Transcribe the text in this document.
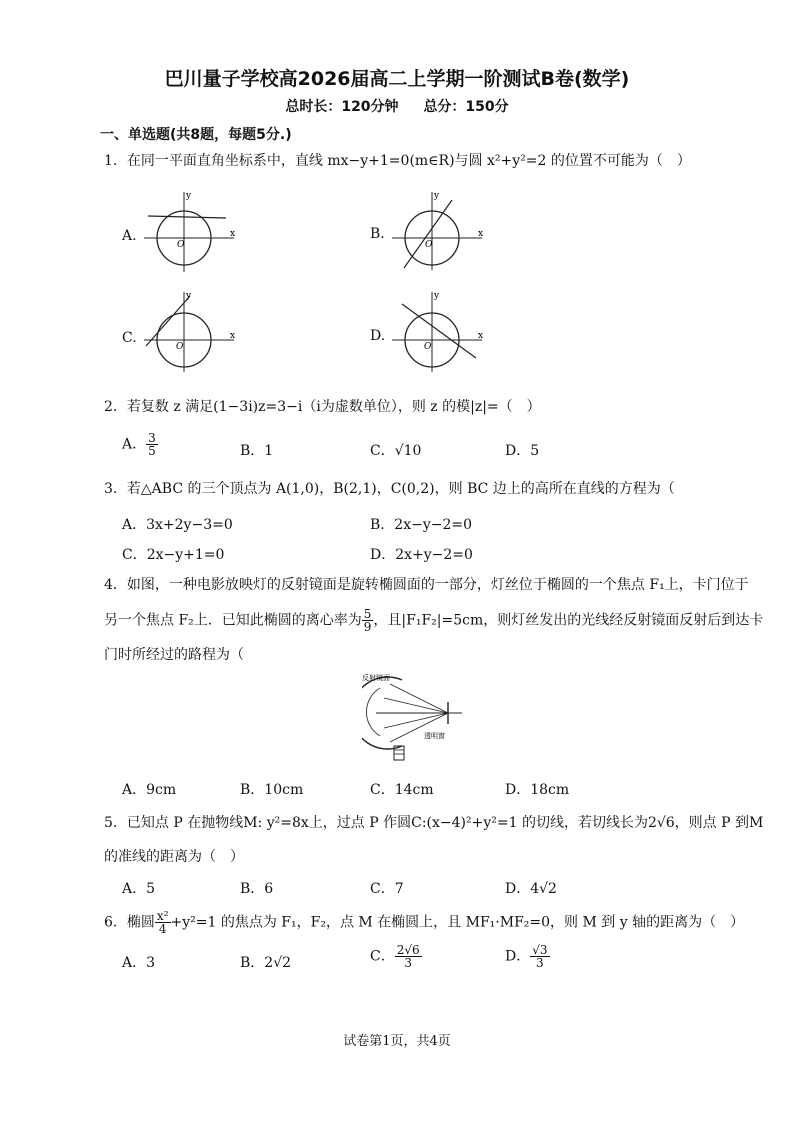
巴川量子学校高2026届高二上学期一阶测试B卷(数学)
总时长：120分钟 总分：150分
一、单选题(共8题，每题5分.)
1．在同一平面直角坐标系中，直线 mx−y+1=0(m∈R)与圆 x²+y²=2 的位置不可能为（　）
A.	B.
C.	D.
y
x
O
y
x
O
y
x
O
y
x
O
2．若复数 z 满足(1−3i)z=3−i（i为虚数单位），则 z 的模|z|=（　）
A． $\frac{3}{5}$	B．1	C．√10	D．5
3．若△ABC 的三个顶点为 A(1,0)，B(2,1)，C(0,2)，则 BC 边上的高所在直线的方程为（
A．3x+2y−3=0	B．2x−y−2=0
C．2x−y+1=0	D．2x+y−2=0
4．如图，一种电影放映灯的反射镜面是旋转椭圆面的一部分，灯丝位于椭圆的一个焦点 F₁上，卡门位于
另一个焦点 F₂上．已知此椭圆的离心率为 $\frac{5}{9}$ ，且|F₁F₂|=5cm，则灯丝发出的光线经反射镜面反射后到达卡
门时所经过的路程为（
反射镜面
透明窗
A．9cm	B．10cm	C．14cm	D．18cm
5．已知点 P 在抛物线M: y²=8x上，过点 P 作圆C:(x−4)²+y²=1 的切线，若切线长为2√6，则点 P 到M
的准线的距离为（　）
A．5	B．6	C．7	D．4√2
6．椭圆 $\frac{\text{x²}}{4} +y^2=1$ 的焦点为 F₁，F₂，点 M 在椭圆上，且 MF₁·MF₂=0，则 M 到 y 轴的距离为（　）
A．3	B．2√2	C． $\frac{2√6}{3}$	D． $\frac{√3}{3}$
试卷第1页，共4页
